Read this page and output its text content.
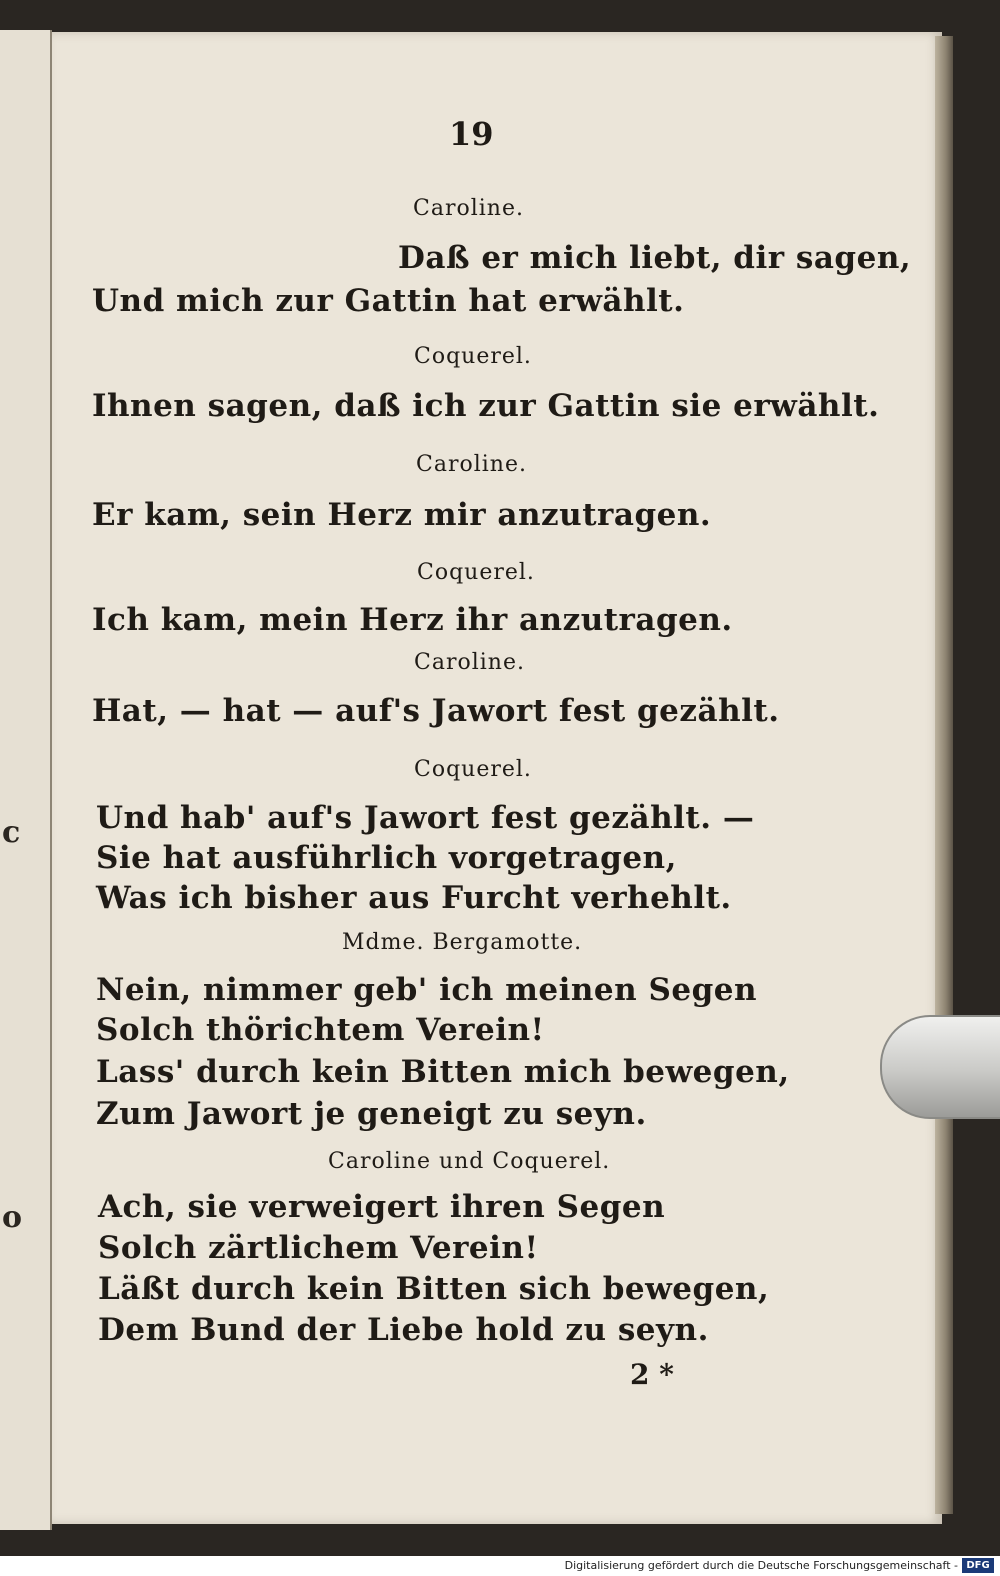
c
o
19
Caroline.
Daß er mich liebt, dir sagen,
Und mich zur Gattin hat erwählt.
Coquerel.
Ihnen sagen, daß ich zur Gattin sie erwählt.
Caroline.
Er kam, sein Herz mir anzutragen.
Coquerel.
Ich kam, mein Herz ihr anzutragen.
Caroline.
Hat, — hat — auf's Jawort fest gezählt.
Coquerel.
Und hab' auf's Jawort fest gezählt. —
Sie hat ausführlich vorgetragen,
Was ich bisher aus Furcht verhehlt.
Mdme. Bergamotte.
Nein, nimmer geb' ich meinen Segen
Solch thörichtem Verein!
Lass' durch kein Bitten mich bewegen,
Zum Jawort je geneigt zu seyn.
Caroline und Coquerel.
Ach, sie verweigert ihren Segen
Solch zärtlichem Verein!
Läßt durch kein Bitten sich bewegen,
Dem Bund der Liebe hold zu seyn.
2 *
Digitalisierung gefördert durch die Deutsche Forschungsgemeinschaft - DFG
